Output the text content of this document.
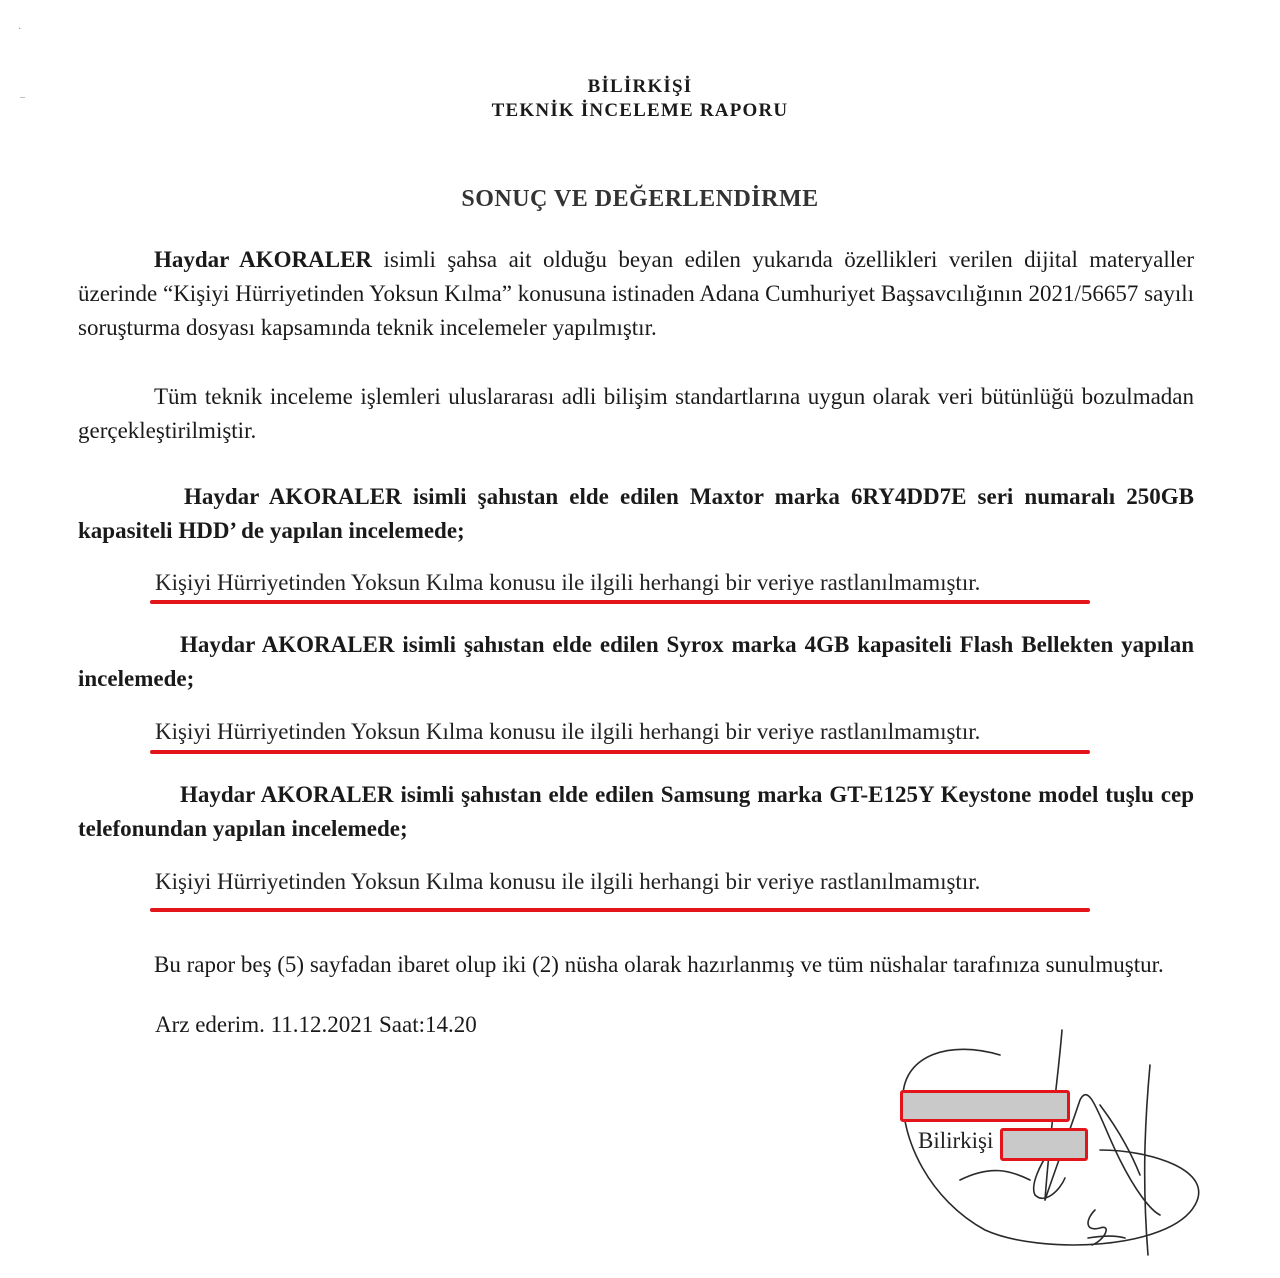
·
–
BİLİRKİŞİ
TEKNİK İNCELEME RAPORU
SONUÇ VE DEĞERLENDİRME
Haydar AKORALER isimli şahsa ait olduğu beyan edilen yukarıda özellikleri verilen dijital materyaller üzerinde “Kişiyi Hürriyetinden Yoksun Kılma” konusuna istinaden Adana Cumhuriyet Başsavcılığının 2021/56657 sayılı soruşturma dosyası kapsamında teknik incelemeler yapılmıştır.
Tüm teknik inceleme işlemleri uluslararası adli bilişim standartlarına uygun olarak veri bütünlüğü bozulmadan gerçekleştirilmiştir.
Haydar AKORALER isimli şahıstan elde edilen Maxtor marka 6RY4DD7E seri numaralı 250GB kapasiteli HDD’ de yapılan incelemede;
Kişiyi Hürriyetinden Yoksun Kılma konusu ile ilgili herhangi bir veriye rastlanılmamıştır.
Haydar AKORALER isimli şahıstan elde edilen Syrox marka 4GB kapasiteli Flash Bellekten yapılan incelemede;
Kişiyi Hürriyetinden Yoksun Kılma konusu ile ilgili herhangi bir veriye rastlanılmamıştır.
Haydar AKORALER isimli şahıstan elde edilen Samsung marka GT-E125Y Keystone model tuşlu cep telefonundan yapılan incelemede;
Kişiyi Hürriyetinden Yoksun Kılma konusu ile ilgili herhangi bir veriye rastlanılmamıştır.
Bu rapor beş (5) sayfadan ibaret olup iki (2) nüsha olarak hazırlanmış ve tüm nüshalar tarafınıza sunulmuştur.
Arz ederim. 11.12.2021 Saat:14.20
Bilirkişi
